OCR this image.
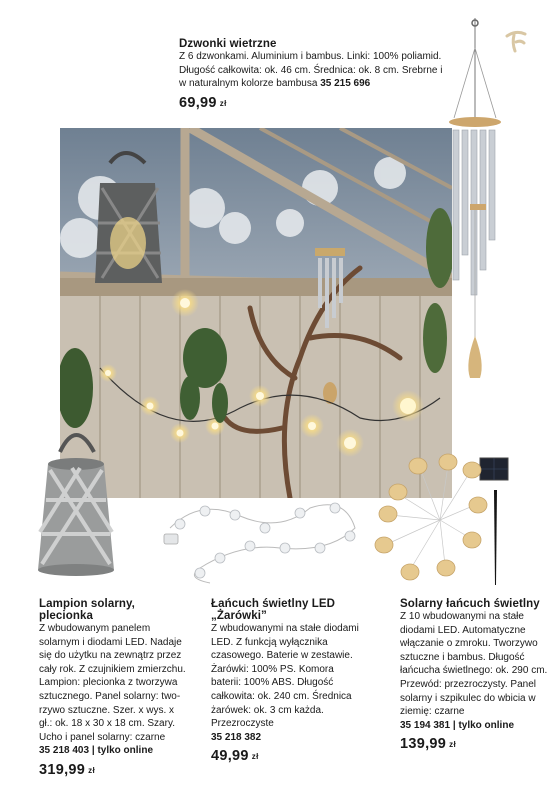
Dzwonki wietrzne
Z 6 dzwonkami. Aluminium i bambus. Linki: 100% poliamid. Długość całkowita: ok. 46 cm. Średnica: ok. 8 cm. Srebrne i w naturalnym kolorze bambusa 35 215 696
69,99 zł
Lampion solarny, plecionka
Z wbudowanym panelem solarnym i diodami LED. Nadaje się do użytku na zewnątrz przez cały rok. Z czujnikiem zmierzchu. Lampion: plecionka z tworzywa sztucznego. Panel solarny: tworzywo sztuczne. Szer. x wys. x gł.: ok. 18 x 30 x 18 cm. Szary. Ucho i panel solarny: czarne
35 218 403 | tylko online
319,99 zł
Łańcuch świetlny LED „Żarówki”
Z wbudowanymi na stałe diodami LED. Z funkcją wyłącznika czasowego. Baterie w zestawie. Żarówki: 100% PS. Komora baterii: 100% ABS. Długość całkowita: ok. 240 cm. Średnica żarówek: ok. 3 cm każda. Przezroczyste
35 218 382
49,99 zł
Solarny łańcuch świetlny
Z 10 wbudowanymi na stałe diodami LED. Automatyczne włączanie o zmroku. Tworzywo sztuczne i bambus. Długość łańcucha świetlnego: ok. 290 cm. Przewód: przezroczysty. Panel solarny i szpikulec do wbicia w ziemię: czarne
35 194 381 | tylko online
139,99 zł
